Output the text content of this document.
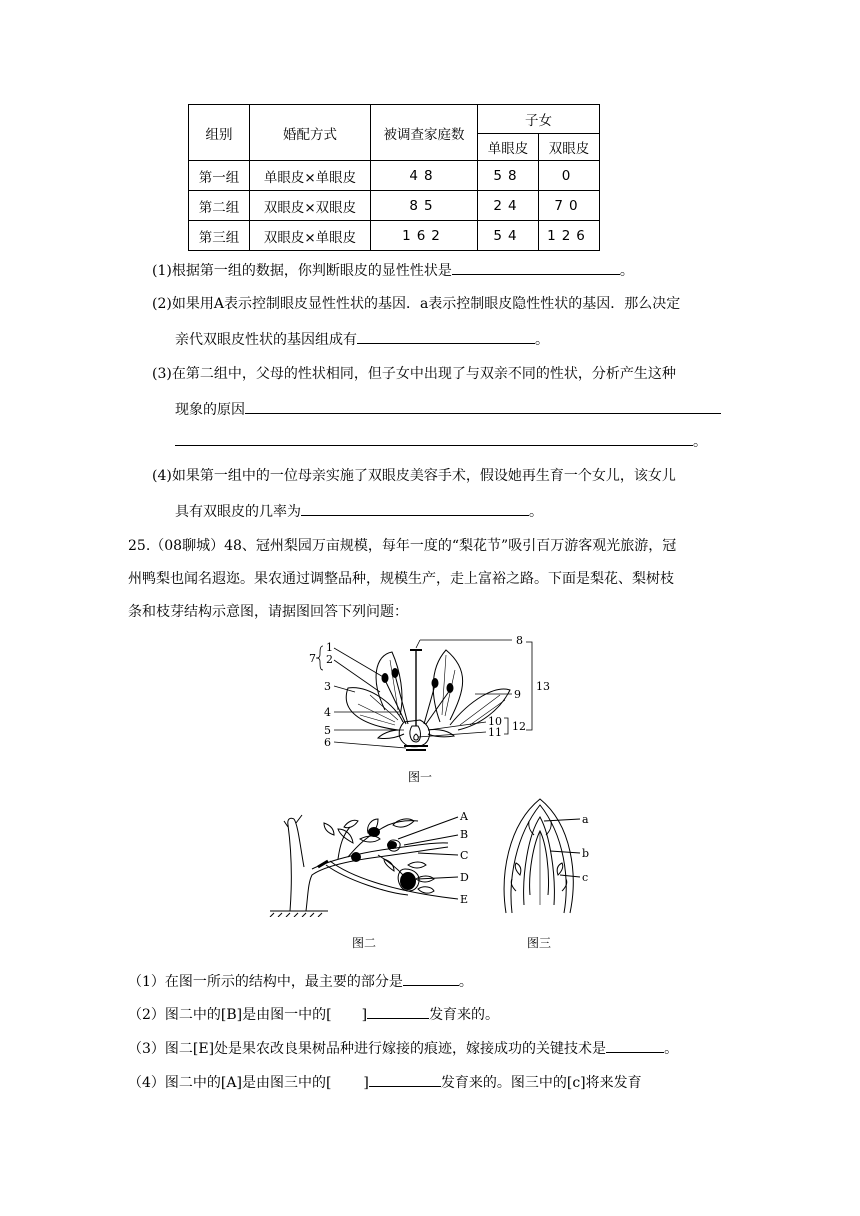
组别	婚配方式	被调查家庭数	子女	
			单眼皮	双眼皮
第一组	单眼皮×单眼皮	48	58	0
第二组	双眼皮×双眼皮	85	24	70
第三组	双眼皮×单眼皮	162	54	126
(1)根据第一组的数据，你判断眼皮的显性性状是	。
(2)如果用A表示控制眼皮显性性状的基因．a表示控制眼皮隐性性状的基因．那么决定
亲代双眼皮性状的基因组成有	。
(3)在第二组中，父母的性状相同，但子女中出现了与双亲不同的性状，分析产生这种
现象的原因
。
(4)如果第一组中的一位母亲实施了双眼皮美容手术，假设她再生育一个女儿，该女儿
具有双眼皮的几率为	。
25.（08聊城）48、冠州梨园万亩规模，每年一度的“梨花节”吸引百万游客观光旅游，冠
州鸭梨也闻名遐迩。果农通过调整品种，规模生产，走上富裕之路。下面是梨花、梨树枝
条和枝芽结构示意图，请据图回答下列问题：
1
2
7
3
4
5
6
8
9
10
11 12
13
图一
A
B
C
D
E
图二
a
b
c
图三
（1）在图一所示的结构中，最主要的部分是	。
（2）图二中的[B]是由图一中的[ ]	发育来的。
（3）图二[E]处是果农改良果树品种进行嫁接的痕迹，嫁接成功的关键技术是	。
（4）图二中的[A]是由图三中的[ ]	发育来的。图三中的[c]将来发育
